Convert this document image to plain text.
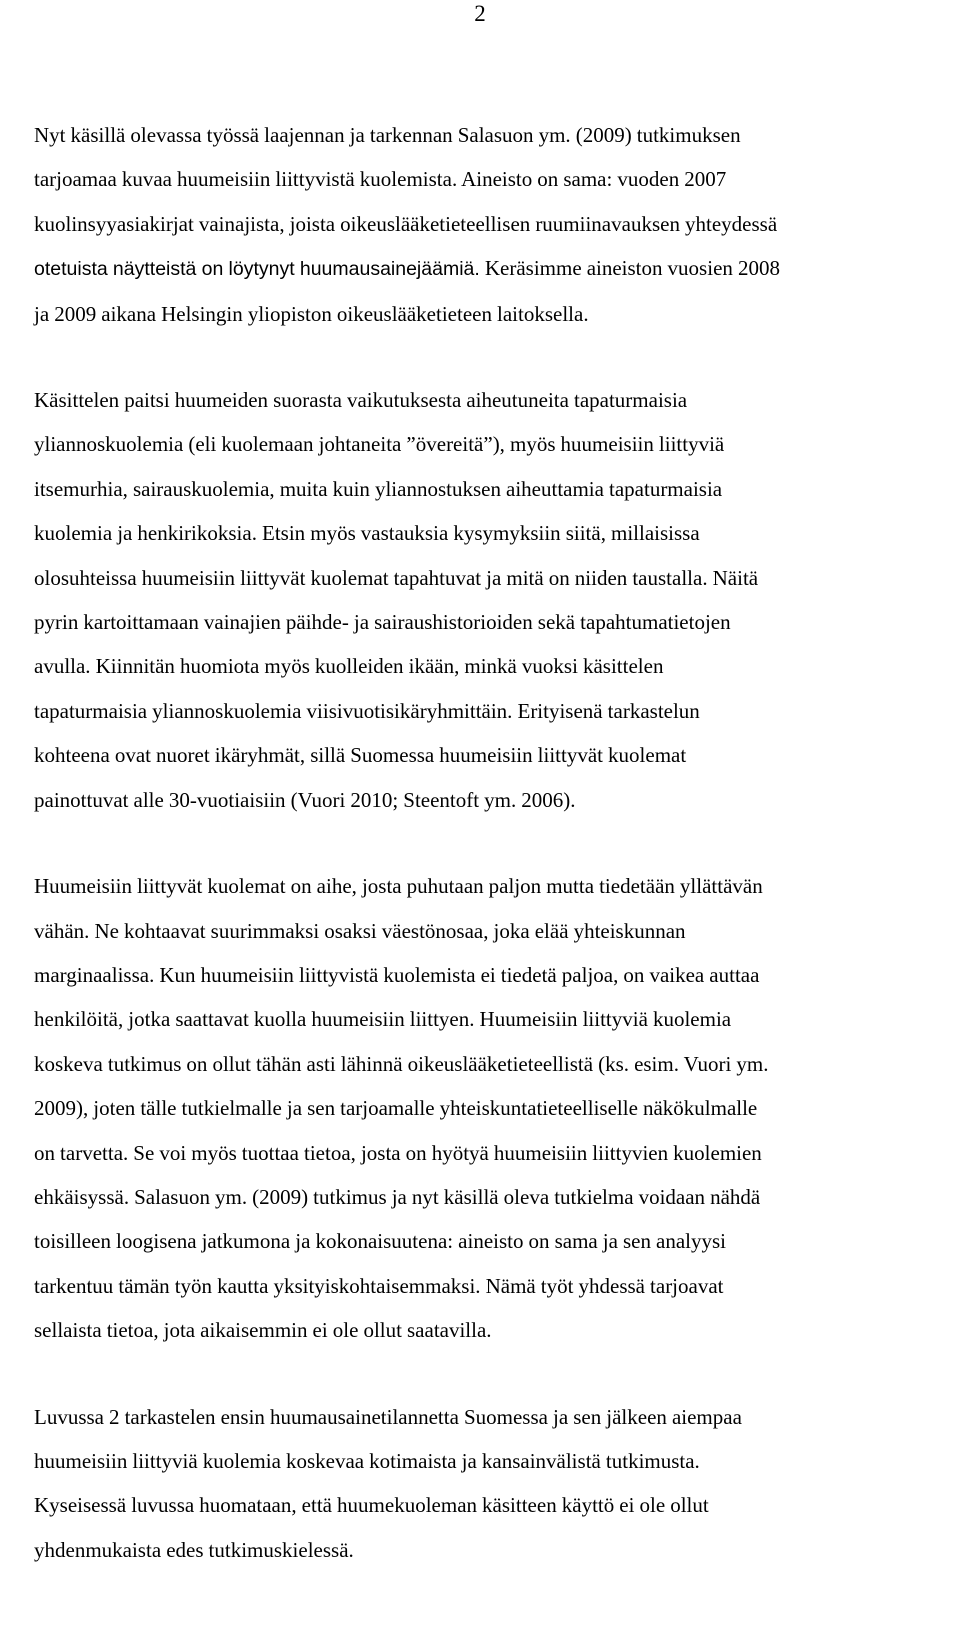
2

Nyt käsillä olevassa työssä laajennan ja tarkennan Salasuon ym. (2009) tutkimuksen
tarjoamaa kuvaa huumeisiin liittyvistä kuolemista. Aineisto on sama: vuoden 2007
kuolinsyyasiakirjat vainajista, joista oikeuslääketieteellisen ruumiinavauksen yhteydessä
otetuista näytteistä on löytynyt huumausainejäämiä. Keräsimme aineiston vuosien 2008
ja 2009 aikana Helsingin yliopiston oikeuslääketieteen laitoksella.

Käsittelen paitsi huumeiden suorasta vaikutuksesta aiheutuneita tapaturmaisia
yliannoskuolemia (eli kuolemaan johtaneita ”övereitä”), myös huumeisiin liittyviä
itsemurhia, sairauskuolemia, muita kuin yliannostuksen aiheuttamia tapaturmaisia
kuolemia ja henkirikoksia. Etsin myös vastauksia kysymyksiin siitä, millaisissa
olosuhteissa huumeisiin liittyvät kuolemat tapahtuvat ja mitä on niiden taustalla. Näitä
pyrin kartoittamaan vainajien päihde- ja sairaushistorioiden sekä tapahtumatietojen
avulla. Kiinnitän huomiota myös kuolleiden ikään, minkä vuoksi käsittelen
tapaturmaisia yliannoskuolemia viisivuotisikäryhmittäin. Erityisenä tarkastelun
kohteena ovat nuoret ikäryhmät, sillä Suomessa huumeisiin liittyvät kuolemat
painottuvat alle 30-vuotiaisiin (Vuori 2010; Steentoft ym. 2006).

Huumeisiin liittyvät kuolemat on aihe, josta puhutaan paljon mutta tiedetään yllättävän
vähän. Ne kohtaavat suurimmaksi osaksi väestönosaa, joka elää yhteiskunnan
marginaalissa. Kun huumeisiin liittyvistä kuolemista ei tiedetä paljoa, on vaikea auttaa
henkilöitä, jotka saattavat kuolla huumeisiin liittyen. Huumeisiin liittyviä kuolemia
koskeva tutkimus on ollut tähän asti lähinnä oikeuslääketieteellistä (ks. esim. Vuori ym.
2009), joten tälle tutkielmalle ja sen tarjoamalle yhteiskuntatieteelliselle näkökulmalle
on tarvetta. Se voi myös tuottaa tietoa, josta on hyötyä huumeisiin liittyvien kuolemien
ehkäisyssä. Salasuon ym. (2009) tutkimus ja nyt käsillä oleva tutkielma voidaan nähdä
toisilleen loogisena jatkumona ja kokonaisuutena: aineisto on sama ja sen analyysi
tarkentuu tämän työn kautta yksityiskohtaisemmaksi. Nämä työt yhdessä tarjoavat
sellaista tietoa, jota aikaisemmin ei ole ollut saatavilla.

Luvussa 2 tarkastelen ensin huumausainetilannetta Suomessa ja sen jälkeen aiempaa
huumeisiin liittyviä kuolemia koskevaa kotimaista ja kansainvälistä tutkimusta.
Kyseisessä luvussa huomataan, että huumekuoleman käsitteen käyttö ei ole ollut
yhdenmukaista edes tutkimuskielessä.
